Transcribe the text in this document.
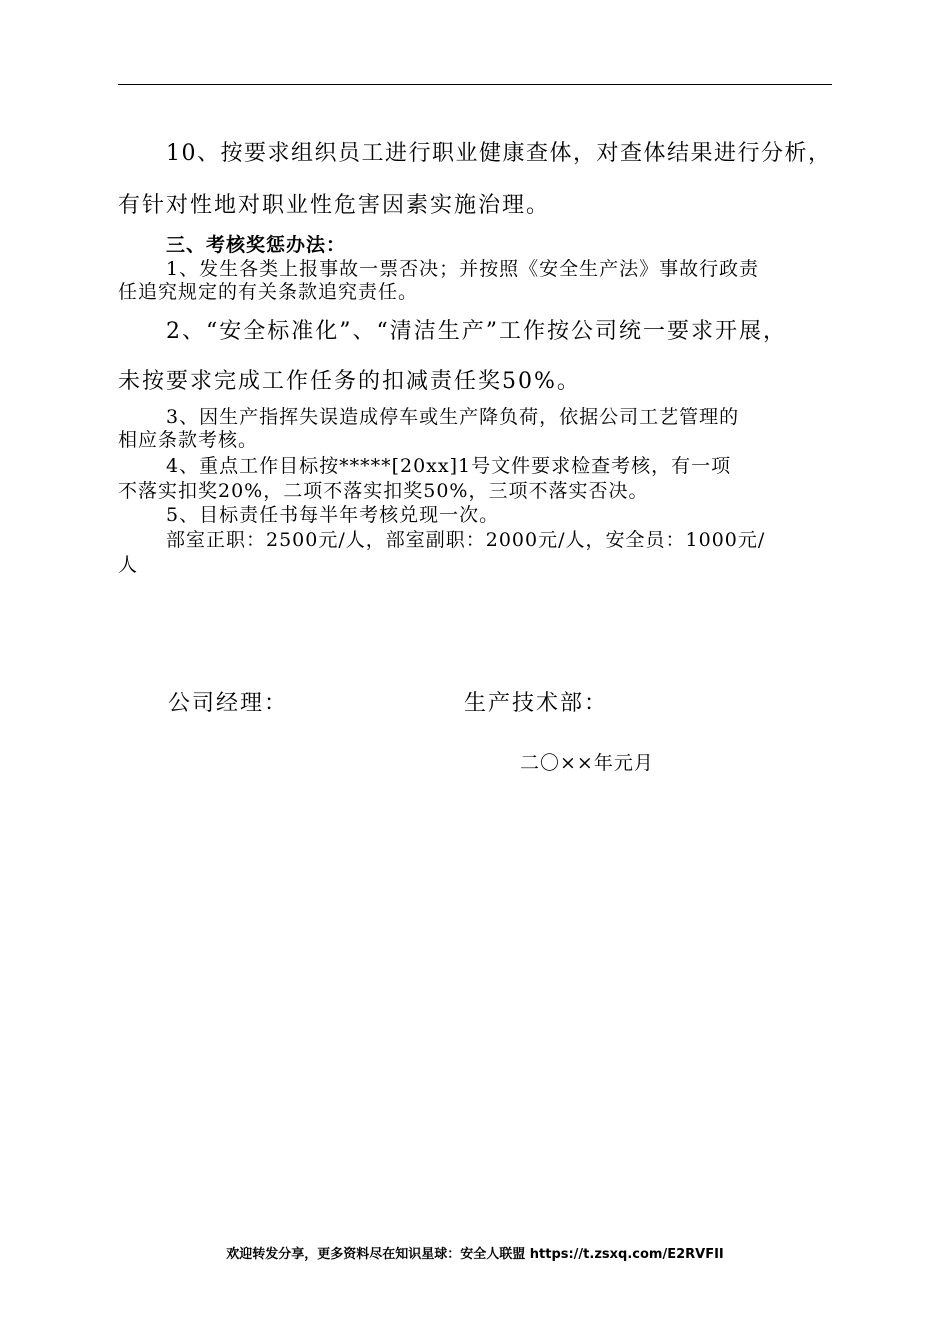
10、按要求组织员工进行职业健康查体，对查体结果进行分析，
有针对性地对职业性危害因素实施治理。
三、考核奖惩办法：
1、发生各类上报事故一票否决；并按照《安全生产法》事故行政责
任追究规定的有关条款追究责任。
2、“安全标准化”、“清洁生产”工作按公司统一要求开展，
未按要求完成工作任务的扣减责任奖50%。
3、因生产指挥失误造成停车或生产降负荷，依据公司工艺管理的
相应条款考核。
4、重点工作目标按*****[20xx]1号文件要求检查考核，有一项
不落实扣奖20%，二项不落实扣奖50%，三项不落实否决。
5、目标责任书每半年考核兑现一次。
部室正职：2500元/人，部室副职：2000元/人，安全员：1000元/
人
公司经理：	生产技术部：
二〇××年元月
欢迎转发分享，更多资料尽在知识星球：安全人联盟 https://t.zsxq.com/E2RVFII
